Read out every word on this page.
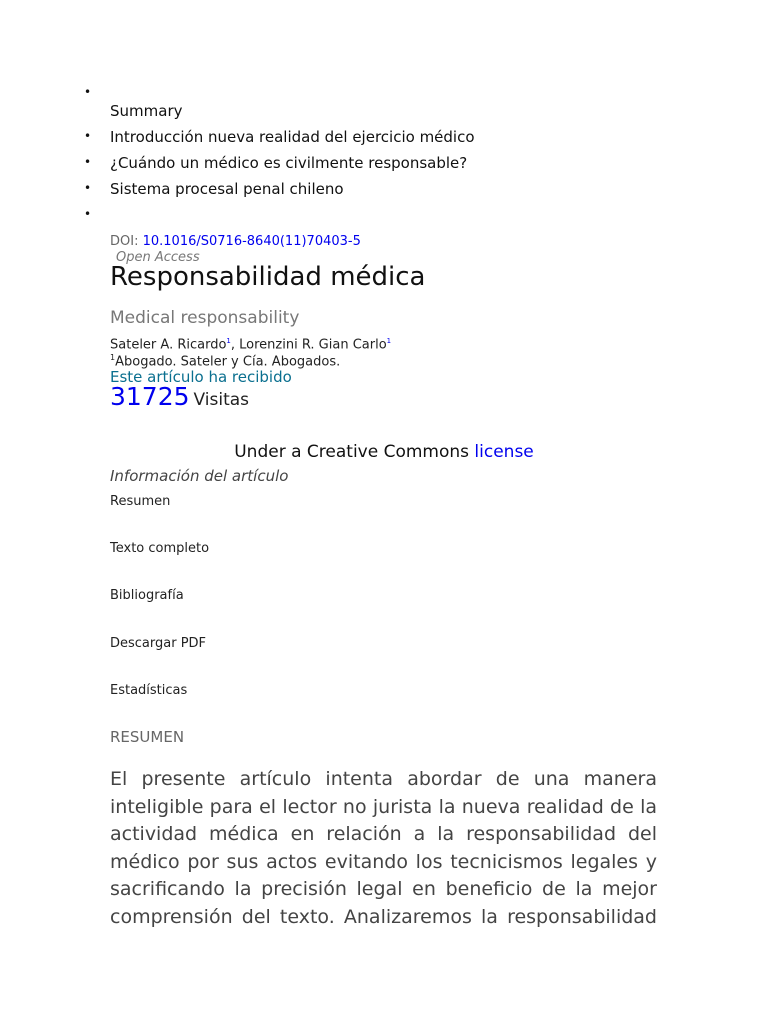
•
Summary
• Introducción nueva realidad del ejercicio médico
• ¿Cuándo un médico es civilmente responsable?
• Sistema procesal penal chileno
•
DOI: 10.1016/S0716-8640(11)70403-5
Open Access
Responsabilidad médica
Medical responsability
Sateler A. Ricardo$^1$, Lorenzini R. Gian Carlo$^1$
$^1$Abogado. Sateler y Cía. Abogados.
Este artículo ha recibido
31725 Visitas
Under a Creative Commons license
Información del artículo
Resumen
Texto completo
Bibliografía
Descargar PDF
Estadísticas
RESUMEN

El presente artículo intenta abordar de una manera inteligible para el lector no jurista la nueva realidad de la actividad médica en relación a la responsabilidad del médico por sus actos evitando los tecnicismos legales y sacrificando la precisión legal en beneficio de la mejor comprensión del texto. Analizaremos la responsabilidad
